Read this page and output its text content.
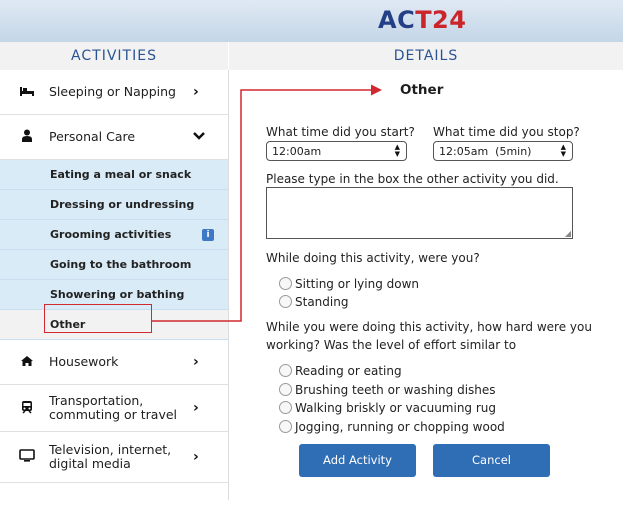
ACT24
ACTIVITIES	DETAILS
Sleeping or Napping ›
Personal Care
Eating a meal or snack
Dressing or undressing
Grooming activities	i
Going to the bathroom
Showering or bathing
Other
Housework	›
Transportation,
commuting or travel ›
Television, internet,
digital media	›
Other
What time did you start?
12:00am	▲
▼
What time did you stop?
12:05am  (5min)	▲
▼
Please type in the box the other activity you did.
◢
While doing this activity, were you?
Sitting or lying down
Standing
While you were doing this activity, how hard were you
working? Was the level of effort similar to
Reading or eating
Brushing teeth or washing dishes
Walking briskly or vacuuming rug
Jogging, running or chopping wood
Add Activity	Cancel
